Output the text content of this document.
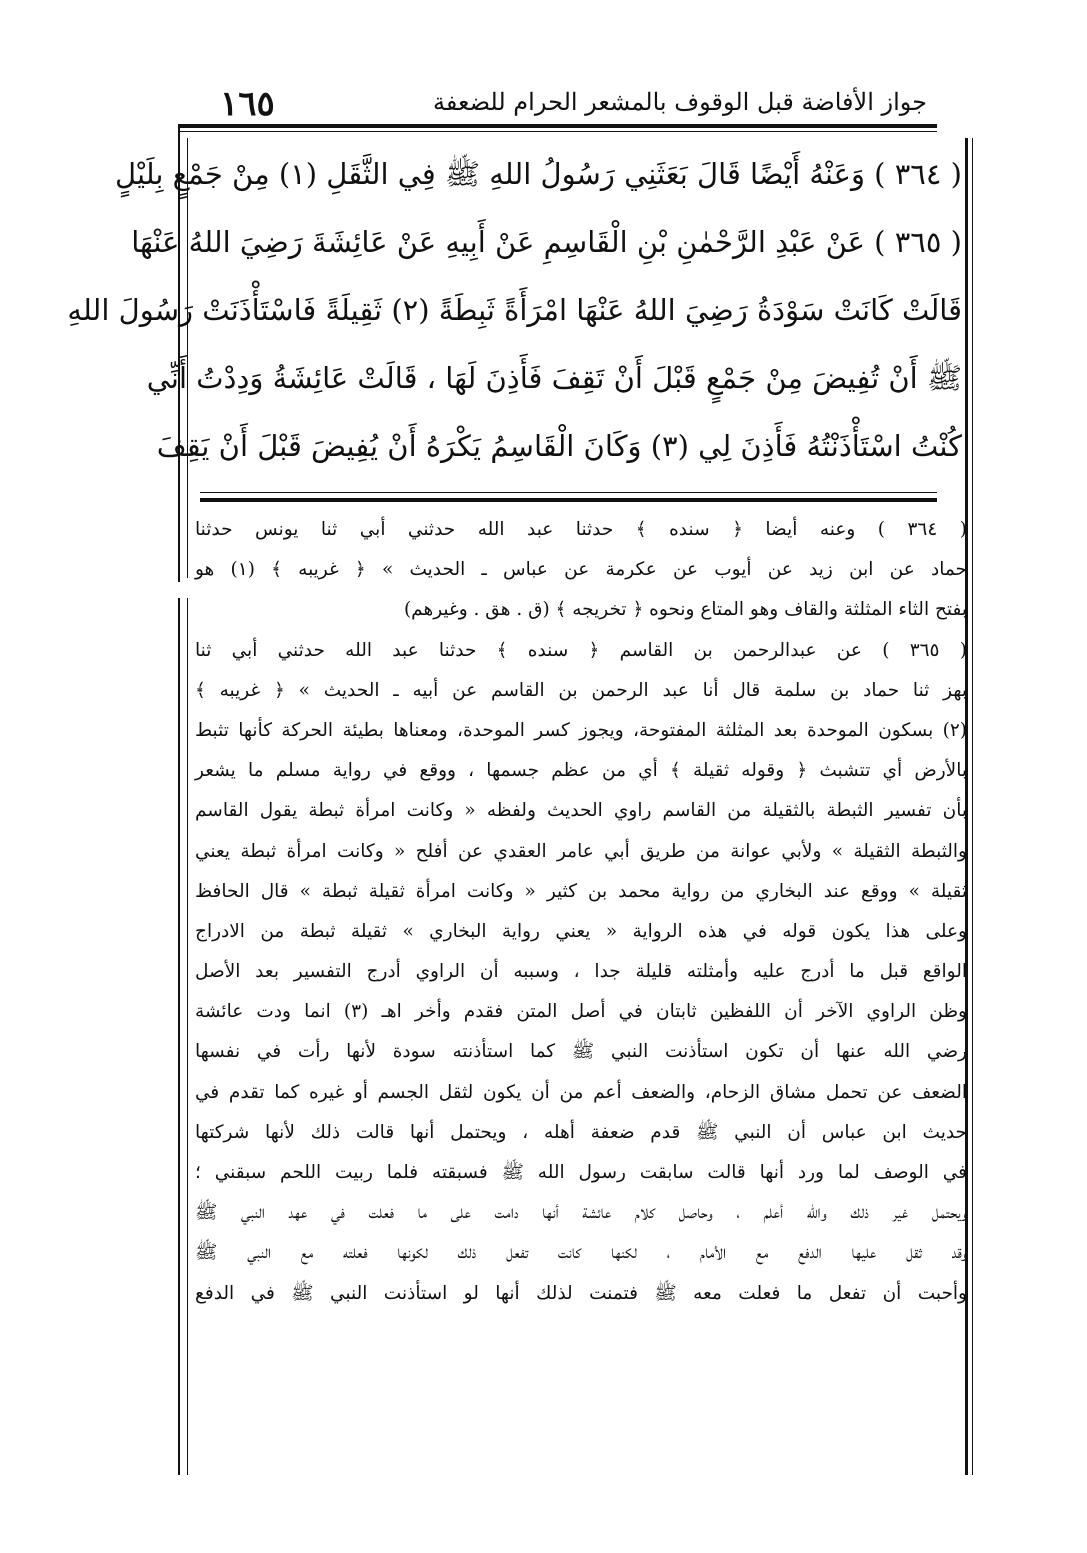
١٦٥	جواز الأفاضة قبل الوقوف بالمشعر الحرام للضعفة
( ٣٦٤ ) وَعَنْهُ أَيْضًا قَالَ بَعَثَنِي رَسُولُ اللهِ ﷺ فِي الثَّقَلِ (١) مِنْ جَمْعٍ بِلَيْلٍ
( ٣٦٥ ) عَنْ عَبْدِ الرَّحْمٰنِ بْنِ الْقَاسِمِ عَنْ أَبِيهِ عَنْ عَائِشَةَ رَضِيَ اللهُ عَنْهَا
قَالَتْ كَانَتْ سَوْدَةُ رَضِيَ اللهُ عَنْهَا امْرَأَةً ثَبِطَةً (٢) ثَقِيلَةً فَاسْتَأْذَنَتْ رَسُولَ اللهِ
ﷺ أَنْ تُفِيضَ مِنْ جَمْعٍ قَبْلَ أَنْ تَقِفَ فَأَذِنَ لَهَا ، قَالَتْ عَائِشَةُ وَدِدْتُ أَنِّي
كُنْتُ اسْتَأْذَنْتُهُ فَأَذِنَ لِي (٣) وَكَانَ الْقَاسِمُ يَكْرَهُ أَنْ يُفِيضَ قَبْلَ أَنْ يَقِفَ
( ٣٦٤ ) وعنه أيضا ﴿ سنده ﴾ حدثنا عبد الله حدثني أبي ثنا يونس حدثنا
حماد عن ابن زيد عن أيوب عن عكرمة عن عباس ـ الحديث » ﴿ غريبه ﴾ (١) هو
بفتح الثاء المثلثة والقاف وهو المتاع ونحوه ﴿ تخريجه ﴾ (ق . هق . وغيرهم)
( ٣٦٥ ) عن عبدالرحمن بن القاسم ﴿ سنده ﴾ حدثنا عبد الله حدثني أبي ثنا
بهز ثنا حماد بن سلمة قال أنا عبد الرحمن بن القاسم عن أبيه ـ الحديث » ﴿ غريبه ﴾
(٢) بسكون الموحدة بعد المثلثة المفتوحة، ويجوز كسر الموحدة، ومعناها بطيئة الحركة كأنها تثبط
بالأرض أي تتشبث ﴿ وقوله ثقيلة ﴾ أي من عظم جسمها ، ووقع في رواية مسلم ما يشعر
بأن تفسير الثبطة بالثقيلة من القاسم راوي الحديث ولفظه « وكانت امرأة ثبطة يقول القاسم
والثبطة الثقيلة » ولأبي عوانة من طريق أبي عامر العقدي عن أفلح « وكانت امرأة ثبطة يعني
ثقيلة » ووقع عند البخاري من رواية محمد بن كثير « وكانت امرأة ثقيلة ثبطة » قال الحافظ
وعلى هذا يكون قوله في هذه الرواية « يعني رواية البخاري » ثقيلة ثبطة من الادراج
الواقع قبل ما أدرج عليه وأمثلته قليلة جدا ، وسببه أن الراوي أدرج التفسير بعد الأصل
وظن الراوي الآخر أن اللفظين ثابتان في أصل المتن فقدم وأخر اهـ (٣) انما ودت عائشة
رضي الله عنها أن تكون استأذنت النبي ﷺ كما استأذنته سودة لأنها رأت في نفسها
الضعف عن تحمل مشاق الزحام، والضعف أعم من أن يكون لثقل الجسم أو غيره كما تقدم في
حديث ابن عباس أن النبي ﷺ قدم ضعفة أهله ، ويحتمل أنها قالت ذلك لأنها شركتها
في الوصف لما ورد أنها قالت سابقت رسول الله ﷺ فسبقته فلما ربيت اللحم سبقني ؛
ويحتمل غير ذلك والله أعلم ، وحاصل كلام عائشة أنها دامت على ما فعلت في عهد النبي ﷺ
وقد ثقل عليها الدفع مع الأمام ، لكنها كانت تفعل ذلك لكونها فعلته مع النبي ﷺ
وأحبت أن تفعل ما فعلت معه ﷺ فتمنت لذلك أنها لو استأذنت النبي ﷺ في الدفع
